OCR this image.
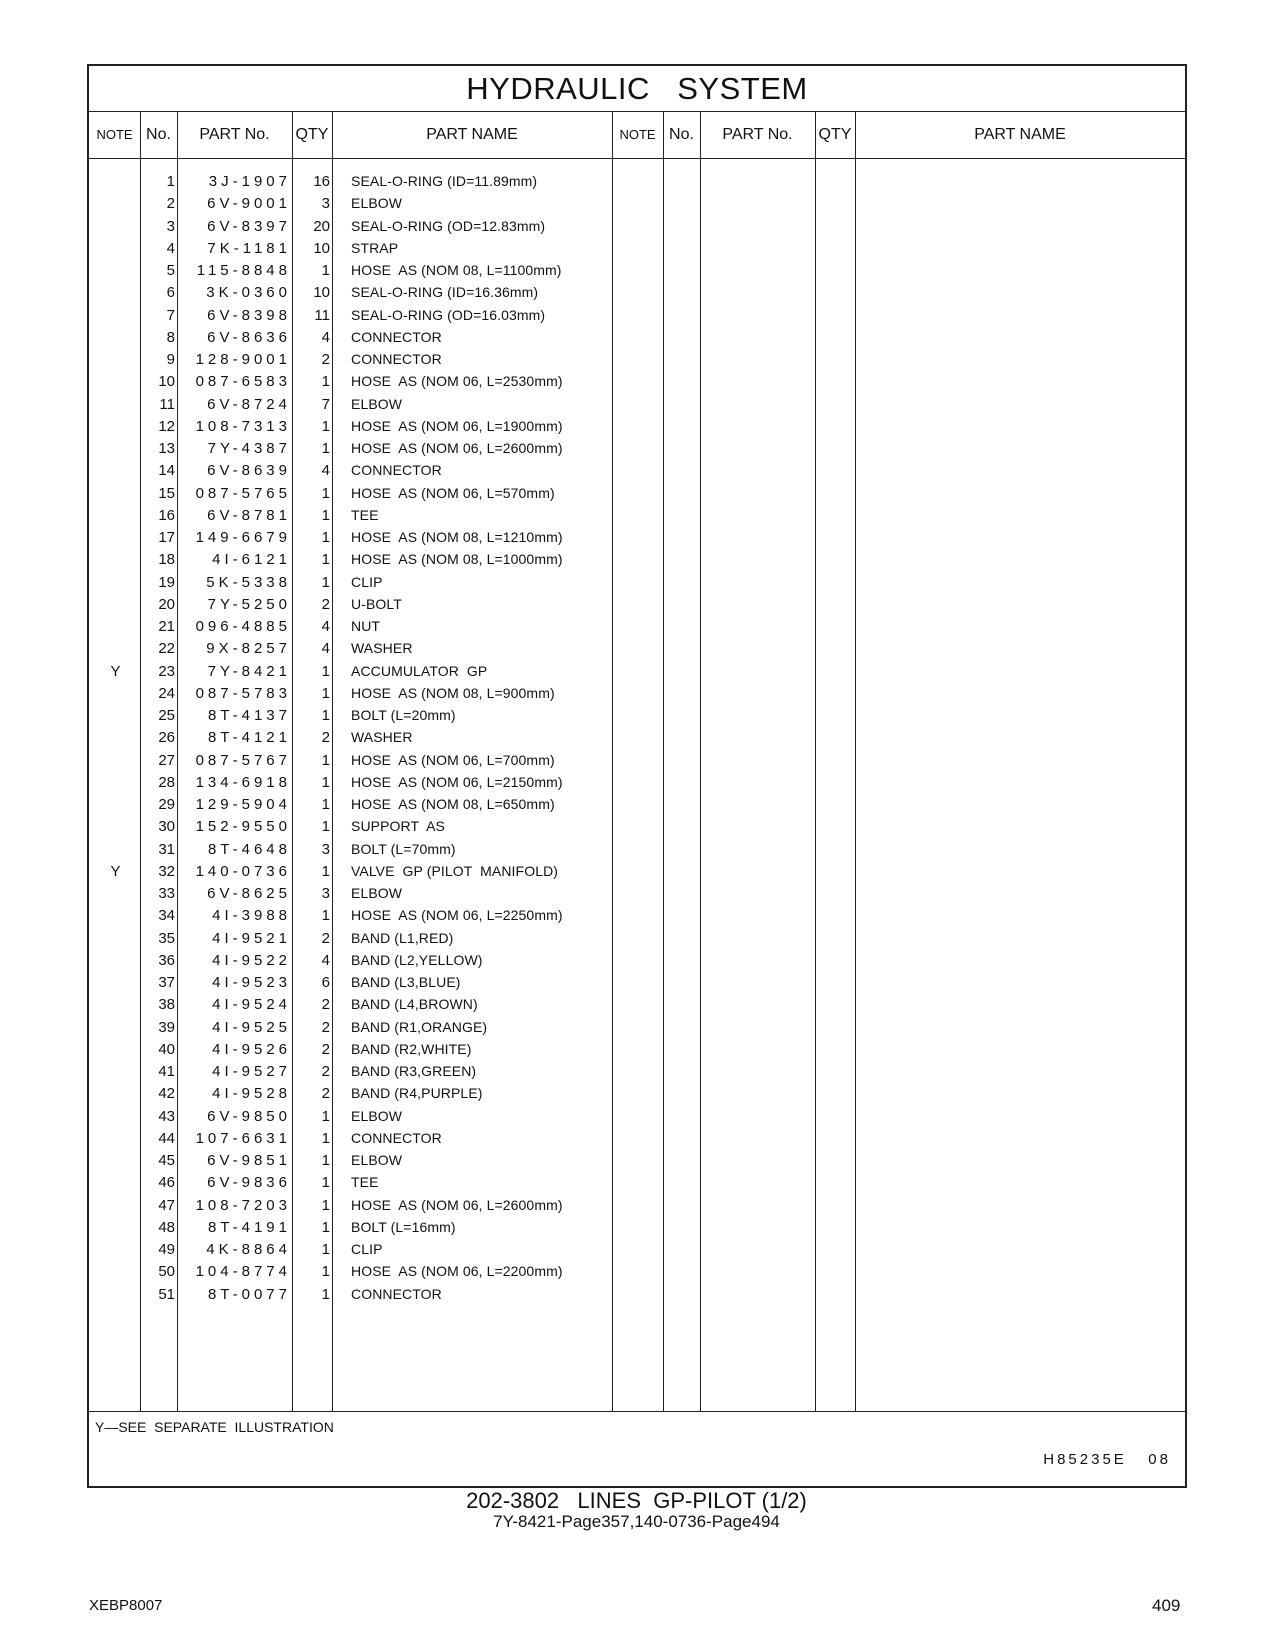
HYDRAULIC   SYSTEM
NOTE No.	PART No.	QTY	PART NAME	NOTE No.	PART No.	QTY	PART NAME
1	3J-1907	16 SEAL-O-RING (ID=11.89mm)
2	6V-9001	3 ELBOW
3	6V-8397	20 SEAL-O-RING (OD=12.83mm)
4	7K-1181	10 STRAP
5	115-8848	1 HOSE  AS (NOM 08, L=1100mm)
6	3K-0360	10 SEAL-O-RING (ID=16.36mm)
7	6V-8398	11 SEAL-O-RING (OD=16.03mm)
8	6V-8636	4 CONNECTOR
9	128-9001	2 CONNECTOR
10	087-6583	1 HOSE  AS (NOM 06, L=2530mm)
11	6V-8724	7 ELBOW
12	108-7313	1 HOSE  AS (NOM 06, L=1900mm)
13	7Y-4387	1 HOSE  AS (NOM 06, L=2600mm)
14	6V-8639	4 CONNECTOR
15	087-5765	1 HOSE  AS (NOM 06, L=570mm)
16	6V-8781	1 TEE
17	149-6679	1 HOSE  AS (NOM 08, L=1210mm)
18	4I-6121	1 HOSE  AS (NOM 08, L=1000mm)
19	5K-5338	1 CLIP
20	7Y-5250	2 U-BOLT
21	096-4885	4 NUT
22	9X-8257	4 WASHER
Y	23	7Y-8421	1 ACCUMULATOR  GP
24	087-5783	1 HOSE  AS (NOM 08, L=900mm)
25	8T-4137	1 BOLT (L=20mm)
26	8T-4121	2 WASHER
27	087-5767	1 HOSE  AS (NOM 06, L=700mm)
28	134-6918	1 HOSE  AS (NOM 06, L=2150mm)
29	129-5904	1 HOSE  AS (NOM 08, L=650mm)
30	152-9550	1 SUPPORT  AS
31	8T-4648	3 BOLT (L=70mm)
Y	32	140-0736	1 VALVE  GP (PILOT  MANIFOLD)
33	6V-8625	3 ELBOW
34	4I-3988	1 HOSE  AS (NOM 06, L=2250mm)
35	4I-9521	2 BAND (L1,RED)
36	4I-9522	4 BAND (L2,YELLOW)
37	4I-9523	6 BAND (L3,BLUE)
38	4I-9524	2 BAND (L4,BROWN)
39	4I-9525	2 BAND (R1,ORANGE)
40	4I-9526	2 BAND (R2,WHITE)
41	4I-9527	2 BAND (R3,GREEN)
42	4I-9528	2 BAND (R4,PURPLE)
43	6V-9850	1 ELBOW
44	107-6631	1 CONNECTOR
45	6V-9851	1 ELBOW
46	6V-9836	1 TEE
47	108-7203	1 HOSE  AS (NOM 06, L=2600mm)
48	8T-4191	1 BOLT (L=16mm)
49	4K-8864	1 CLIP
50	104-8774	1 HOSE  AS (NOM 06, L=2200mm)
51	8T-0077	1 CONNECTOR
Y—SEE  SEPARATE  ILLUSTRATION
H85235E   08
202-3802   LINES  GP-PILOT (1/2)
7Y-8421-Page357,140-0736-Page494
XEBP8007	409
